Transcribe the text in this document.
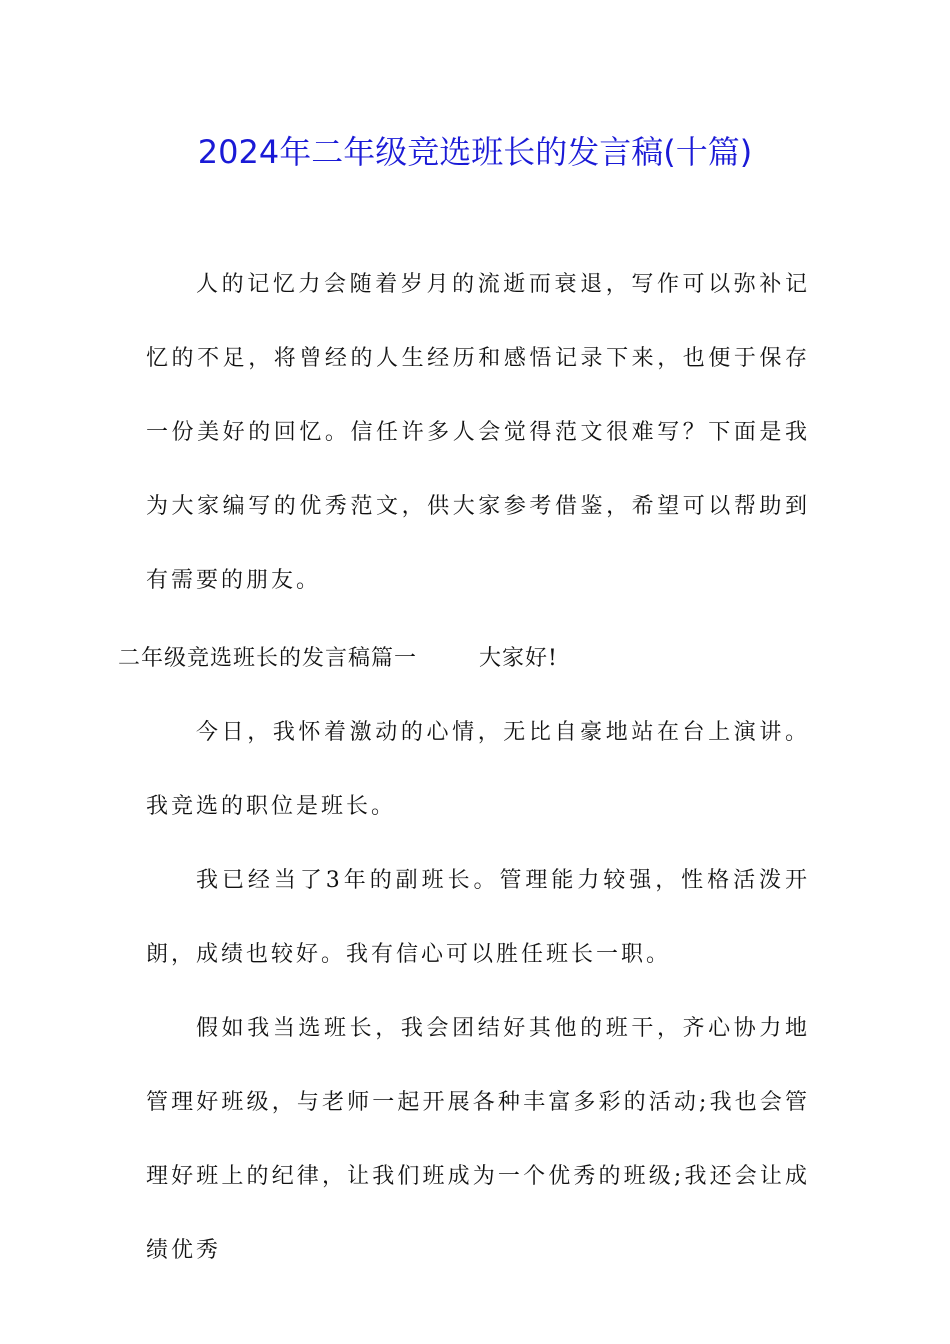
2024年二年级竞选班长的发言稿(十篇)

人的记忆力会随着岁月的流逝而衰退，写作可以弥补记忆的不足，将曾经的人生经历和感悟记录下来，也便于保存一份美好的回忆。信任许多人会觉得范文很难写？下面是我为大家编写的优秀范文，供大家参考借鉴，希望可以帮助到有需要的朋友。

二年级竞选班长的发言稿篇一	大家好!

今日，我怀着激动的心情，无比自豪地站在台上演讲。我竞选的职位是班长。

我已经当了3年的副班长。管理能力较强，性格活泼开朗，成绩也较好。我有信心可以胜任班长一职。

假如我当选班长，我会团结好其他的班干，齐心协力地管理好班级，与老师一起开展各种丰富多彩的活动;我也会管理好班上的纪律，让我们班成为一个优秀的班级;我还会让成绩优秀
